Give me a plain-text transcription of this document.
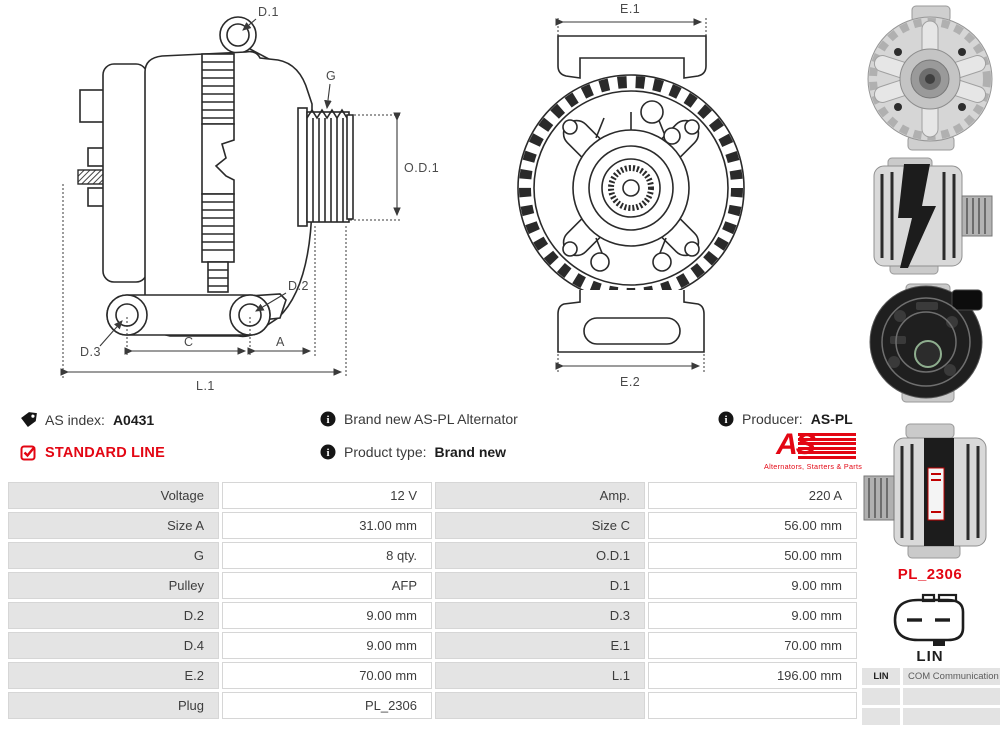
D.1
G
O.D.1
D.2
D.3
C	A
L.1
E.1
E.2
AS index: A0431	i Brand new AS-PL Alternator	i Producer: AS-PL
STANDARD LINE	i Product type: Brand new	AS
Alternators, Starters & Parts
Voltage	12 V	Amp.	220 A
Size A	31.00 mm	Size C	56.00 mm
G	8 qty.	O.D.1	50.00 mm
Pulley	AFP	D.1	9.00 mm
D.2	9.00 mm	D.3	9.00 mm
D.4	9.00 mm	E.1	70.00 mm
E.2	70.00 mm	L.1	196.00 mm
Plug	PL_2306
PL_2306
LIN
LIN	COM Communication
